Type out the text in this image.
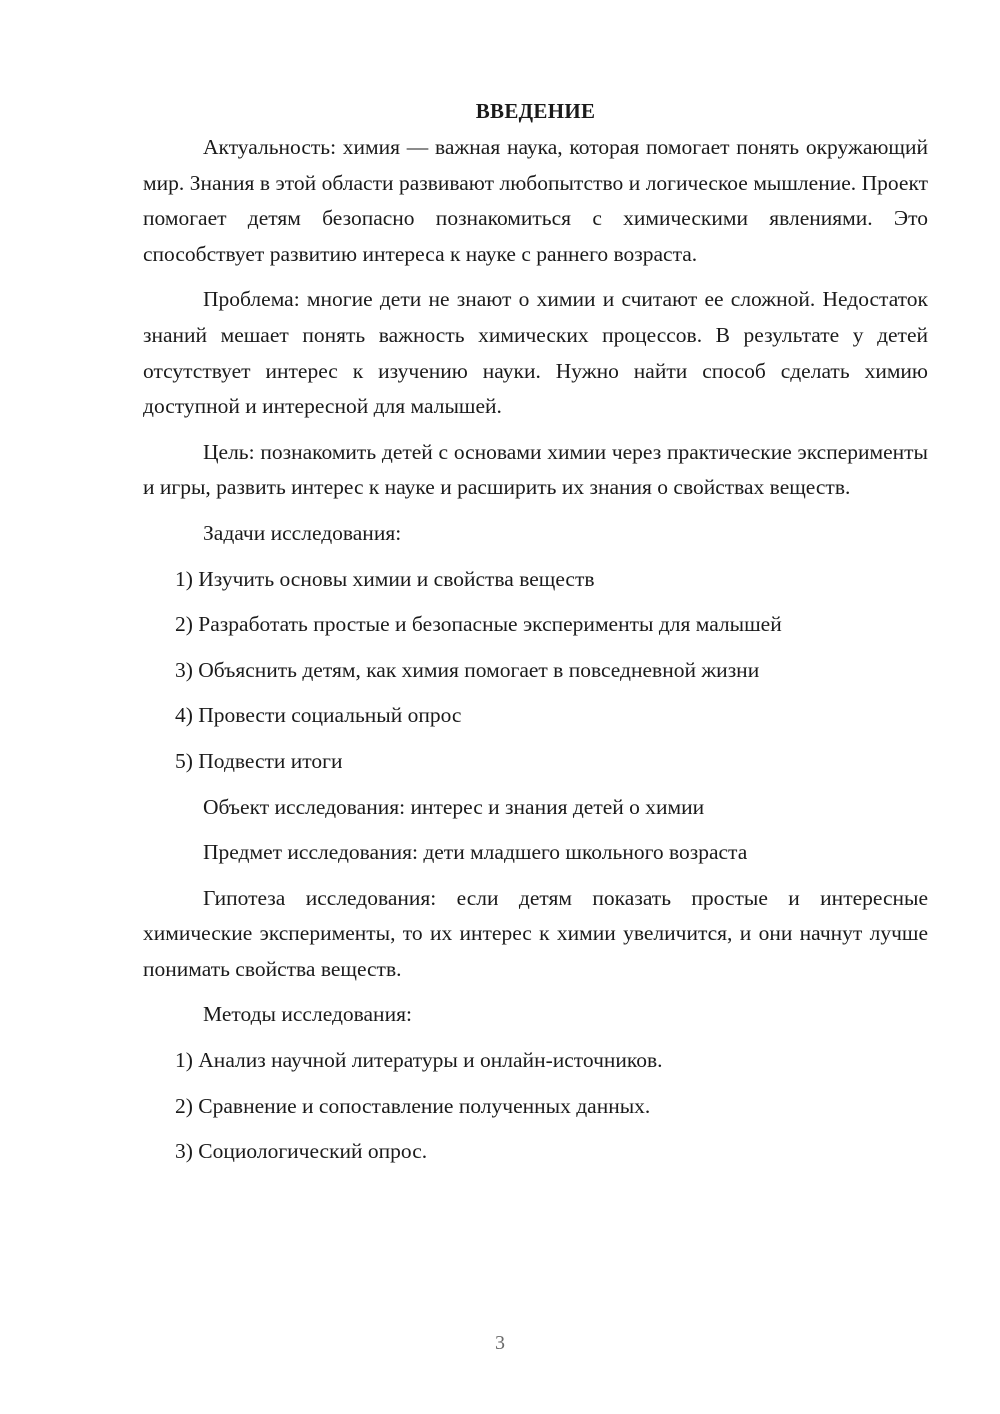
ВВЕДЕНИЕ

Актуальность: химия — важная наука, которая помогает понять окружающий мир. Знания в этой области развивают любопытство и логическое мышление. Проект помогает детям безопасно познакомиться с химическими явлениями. Это способствует развитию интереса к науке с раннего возраста.

Проблема: многие дети не знают о химии и считают ее сложной. Недостаток знаний мешает понять важность химических процессов. В результате у детей отсутствует интерес к изучению науки. Нужно найти способ сделать химию доступной и интересной для малышей.

Цель: познакомить детей с основами химии через практические эксперименты и игры, развить интерес к науке и расширить их знания о свойствах веществ.

Задачи исследования:
1) Изучить основы химии и свойства веществ
2) Разработать простые и безопасные эксперименты для малышей
3) Объяснить детям, как химия помогает в повседневной жизни
4) Провести социальный опрос
5) Подвести итоги
Объект исследования: интерес и знания детей о химии
Предмет исследования: дети младшего школьного возраста

Гипотеза исследования: если детям показать простые и интересные химические эксперименты, то их интерес к химии увеличится, и они начнут лучше понимать свойства веществ.

Методы исследования:
1) Анализ научной литературы и онлайн-источников.
2) Сравнение и сопоставление полученных данных.
3) Социологический опрос.
3
